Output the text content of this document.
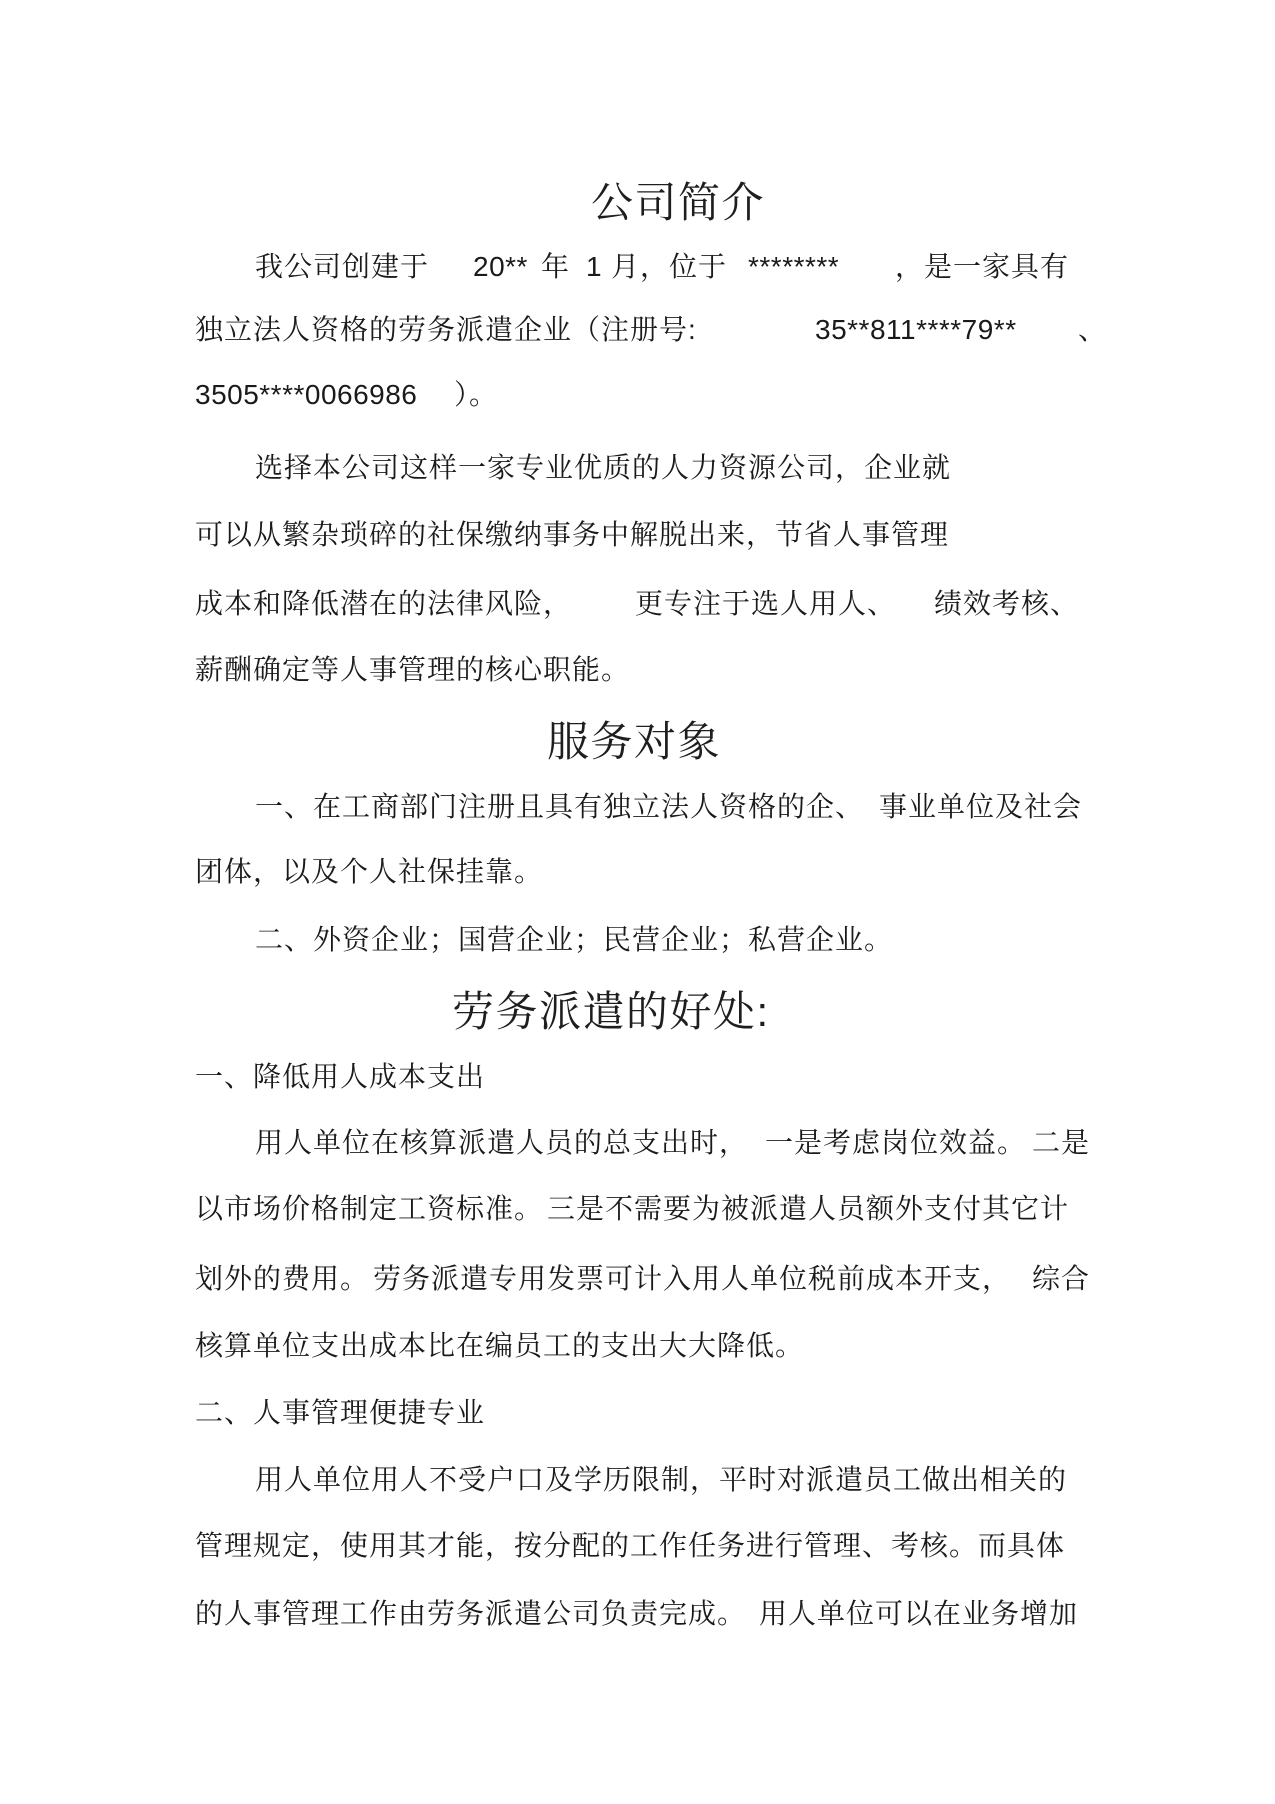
公司简介
我公司创建于 20** 年 1 月，位于 ******** ，是一家具有
独立法人资格的劳务派遣企业（注册号:	35**811****79** 、
3505****0066986 ）。
选择本公司这样一家专业优质的人力资源公司，企业就
可以从繁杂琐碎的社保缴纳事务中解脱出来，节省人事管理
成本和降低潜在的法律风险， 更专注于选人用人、 绩效考核、
薪酬确定等人事管理的核心职能。
服务对象
一、在工商部门注册且具有独立法人资格的企、 事业单位及社会
团体，以及个人社保挂靠。
二、外资企业；国营企业；民营企业；私营企业。
劳务派遣的好处:
一、降低用人成本支出
用人单位在核算派遣人员的总支出时， 一是考虑岗位效益。 二是
以市场价格制定工资标准。 三是不需要为被派遣人员额外支付其它计
划外的费用。 劳务派遣专用发票可计入用人单位税前成本开支， 综合
核算单位支出成本比在编员工的支出大大降低。
二、人事管理便捷专业
用人单位用人不受户口及学历限制，平时对派遣员工做出相关的
管理规定，使用其才能，按分配的工作任务进行管理、考核。而具体
的人事管理工作由劳务派遣公司负责完成。 用人单位可以在业务增加
